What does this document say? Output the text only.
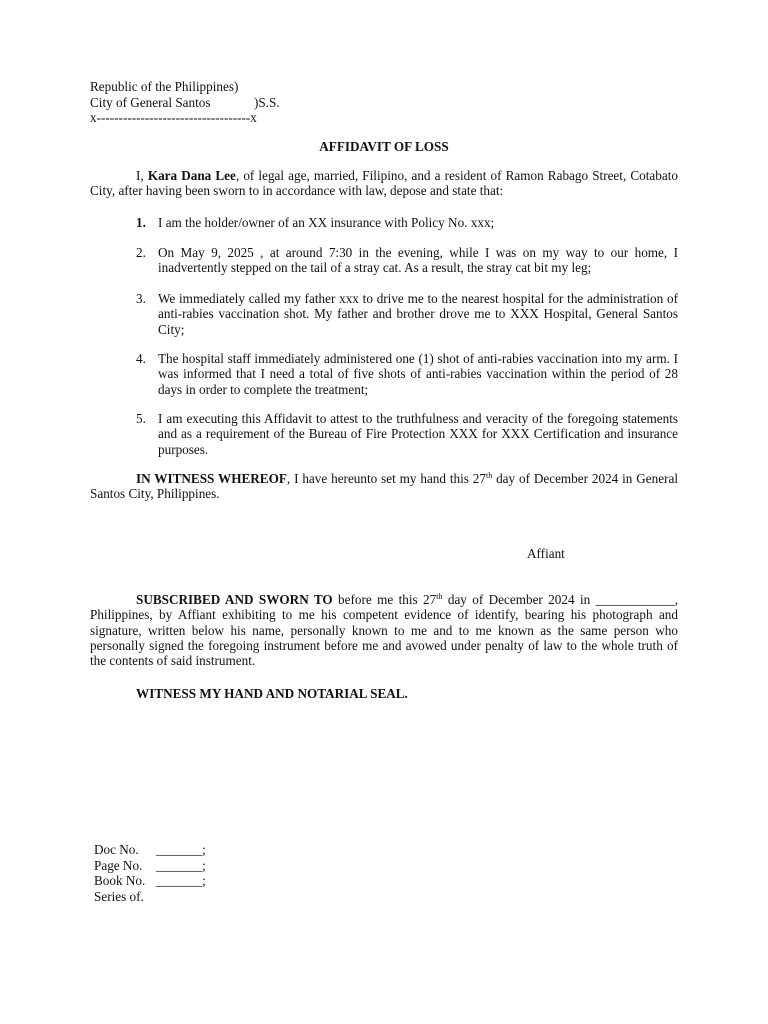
Republic of the Philippines)
City of General Santos	)S.S.
x-----------------------------------x
AFFIDAVIT OF LOSS
I, Kara Dana Lee, of legal age, married, Filipino, and a resident of Ramon Rabago Street, Cotabato City, after having been sworn to in accordance with law, depose and state that:
1. I am the holder/owner of an XX insurance with Policy No. xxx;
2. On May 9, 2025 , at around 7:30 in the evening, while I was on my way to our home, I inadvertently stepped on the tail of a stray cat. As a result, the stray cat bit my leg;
3. We immediately called my father xxx to drive me to the nearest hospital for the administration of anti-rabies vaccination shot. My father and brother drove me to XXX Hospital, General Santos City;
4. The hospital staff immediately administered one (1) shot of anti-rabies vaccination into my arm. I was informed that I need a total of five shots of anti-rabies vaccination within the period of 28 days in order to complete the treatment;
5. I am executing this Affidavit to attest to the truthfulness and veracity of the foregoing statements and as a requirement of the Bureau of Fire Protection XXX for XXX Certification and insurance purposes.
IN WITNESS WHEREOF, I have hereunto set my hand this 27th day of December 2024 in General Santos City, Philippines.
Affiant
SUBSCRIBED AND SWORN TO before me this 27th day of December 2024 in ____________, Philippines, by Affiant exhibiting to me his competent evidence of identify, bearing his photograph and signature, written below his name, personally known to me and to me known as the same person who personally signed the foregoing instrument before me and avowed under penalty of law to the whole truth of the contents of said instrument.
WITNESS MY HAND AND NOTARIAL SEAL.
Doc No.	_______;
Page No.	_______;
Book No. _______;
Series of.
